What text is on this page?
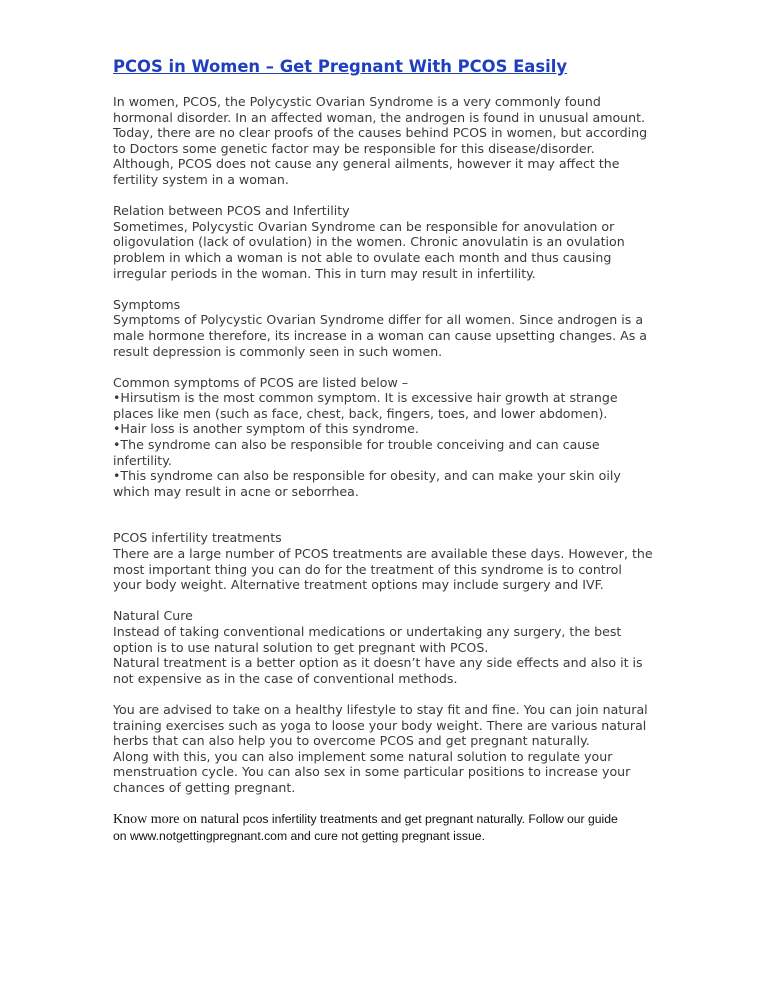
PCOS in Women – Get Pregnant With PCOS Easily
In women, PCOS, the Polycystic Ovarian Syndrome is a very commonly found
hormonal disorder. In an affected woman, the androgen is found in unusual amount.
Today, there are no clear proofs of the causes behind PCOS in women, but according
to Doctors some genetic factor may be responsible for this disease/disorder.
Although, PCOS does not cause any general ailments, however it may affect the
fertility system in a woman.
Relation between PCOS and Infertility
Sometimes, Polycystic Ovarian Syndrome can be responsible for anovulation or
oligovulation (lack of ovulation) in the women. Chronic anovulatin is an ovulation
problem in which a woman is not able to ovulate each month and thus causing
irregular periods in the woman. This in turn may result in infertility.
Symptoms
Symptoms of Polycystic Ovarian Syndrome differ for all women. Since androgen is a
male hormone therefore, its increase in a woman can cause upsetting changes. As a
result depression is commonly seen in such women.
Common symptoms of PCOS are listed below –
•Hirsutism is the most common symptom. It is excessive hair growth at strange
places like men (such as face, chest, back, fingers, toes, and lower abdomen).
•Hair loss is another symptom of this syndrome.
•The syndrome can also be responsible for trouble conceiving and can cause
infertility.
•This syndrome can also be responsible for obesity, and can make your skin oily
which may result in acne or seborrhea.
PCOS infertility treatments
There are a large number of PCOS treatments are available these days. However, the
most important thing you can do for the treatment of this syndrome is to control
your body weight. Alternative treatment options may include surgery and IVF.
Natural Cure
Instead of taking conventional medications or undertaking any surgery, the best
option is to use natural solution to get pregnant with PCOS.
Natural treatment is a better option as it doesn’t have any side effects and also it is
not expensive as in the case of conventional methods.
You are advised to take on a healthy lifestyle to stay fit and fine. You can join natural
training exercises such as yoga to loose your body weight. There are various natural
herbs that can also help you to overcome PCOS and get pregnant naturally.
Along with this, you can also implement some natural solution to regulate your
menstruation cycle. You can also sex in some particular positions to increase your
chances of getting pregnant.
Know more on natural pcos infertility treatments and get pregnant naturally. Follow our guide
on www.notgettingpregnant.com and cure not getting pregnant issue.
